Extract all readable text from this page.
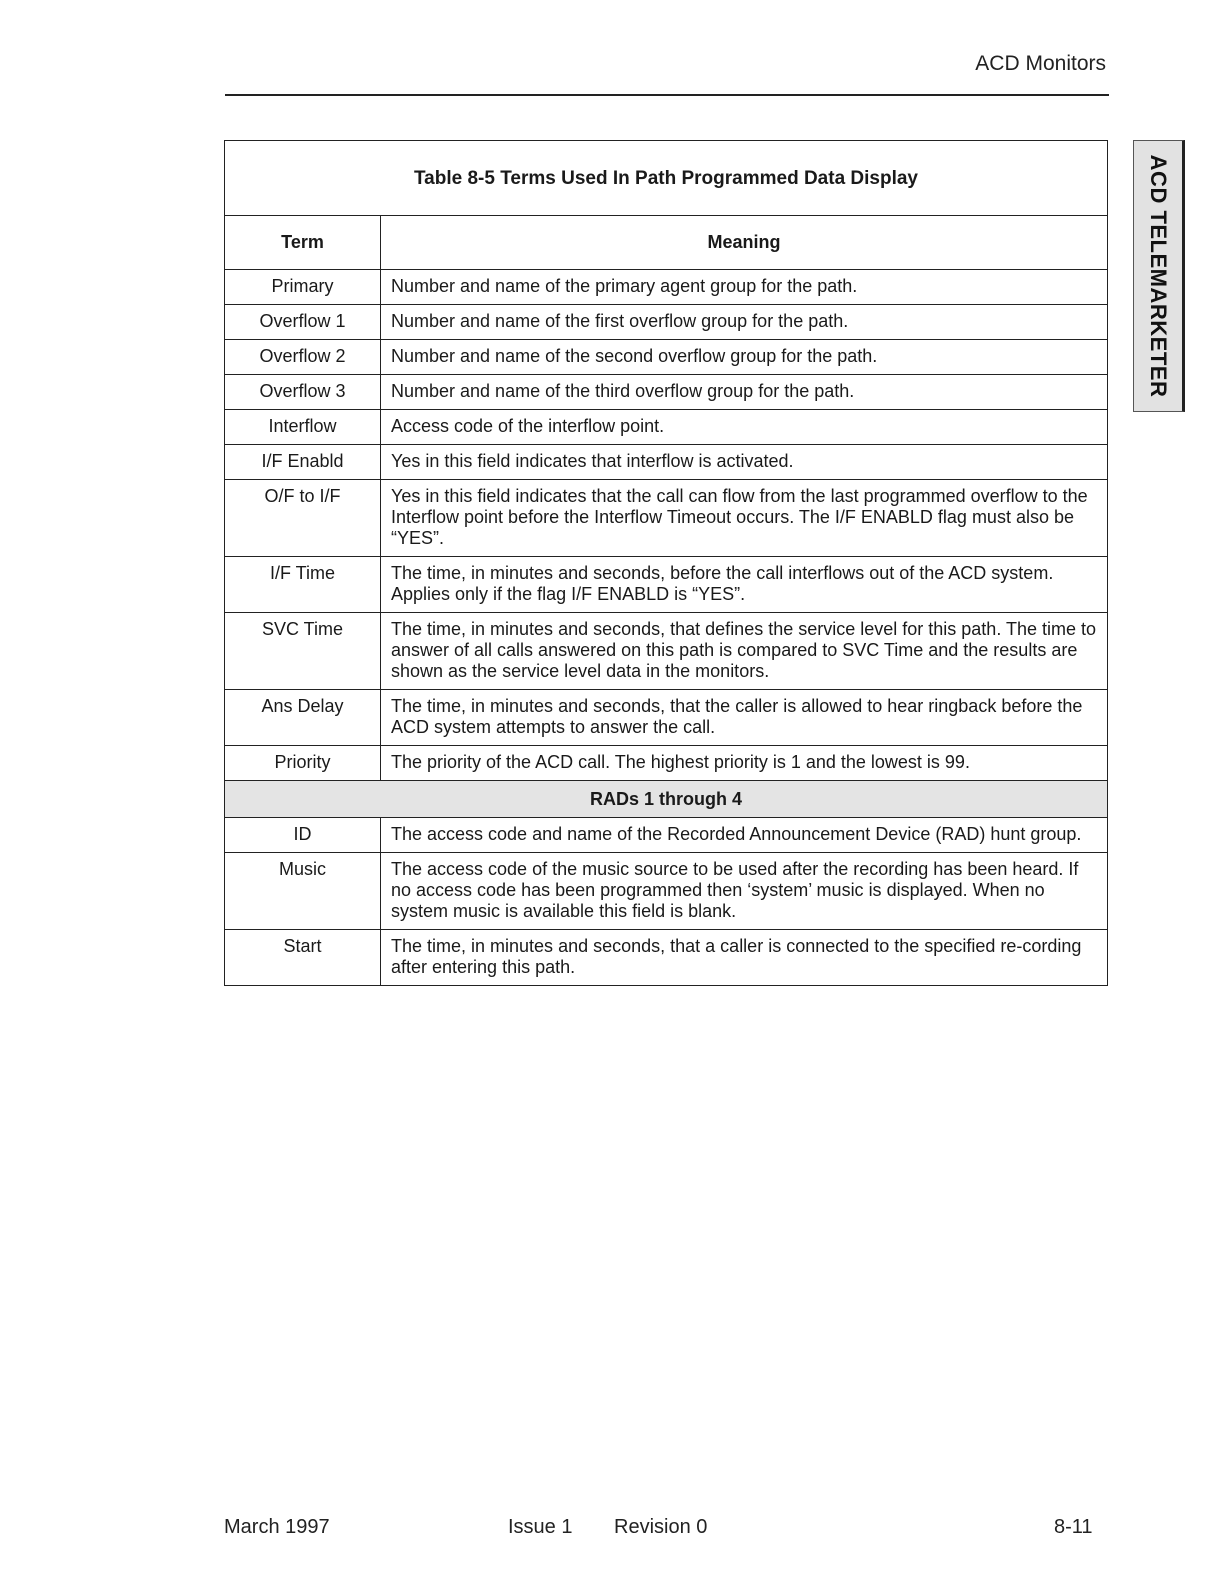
ACD Monitors
ACD TELEMARKETER
Table 8-5 Terms Used In Path Programmed Data Display	
Term	Meaning
Primary	Number and name of the primary agent group for the path.
Overflow 1	Number and name of the first overflow group for the path.
Overflow 2	Number and name of the second overflow group for the path.
Overflow 3	Number and name of the third overflow group for the path.
Interflow	Access code of the interflow point.
I/F Enabld	Yes in this field indicates that interflow is activated.
O/F to I/F	Yes in this field indicates that the call can flow from the last programmed overflow to the Interflow point before the Interflow Timeout occurs. The I/F ENABLD flag must also be “YES”.
I/F Time	The time, in minutes and seconds, before the call interflows out of the ACD system. Applies only if the flag I/F ENABLD is “YES”.
SVC Time	The time, in minutes and seconds, that defines the service level for this path. The time to answer of all calls answered on this path is compared to SVC Time and the results are shown as the service level data in the monitors.
Ans Delay	The time, in minutes and seconds, that the caller is allowed to hear ringback before the ACD system attempts to answer the call.
Priority	The priority of the ACD call. The highest priority is 1 and the lowest is 99.
RADs 1 through 4	
ID	The access code and name of the Recorded Announcement Device (RAD) hunt group.
Music	The access code of the music source to be used after the recording has been heard. If no access code has been programmed then ‘system’ music is displayed. When no system music is available this field is blank.
Start	The time, in minutes and seconds, that a caller is connected to the specified re-cording after entering this path.
March 1997	Issue 1 Revision 0	8-11
